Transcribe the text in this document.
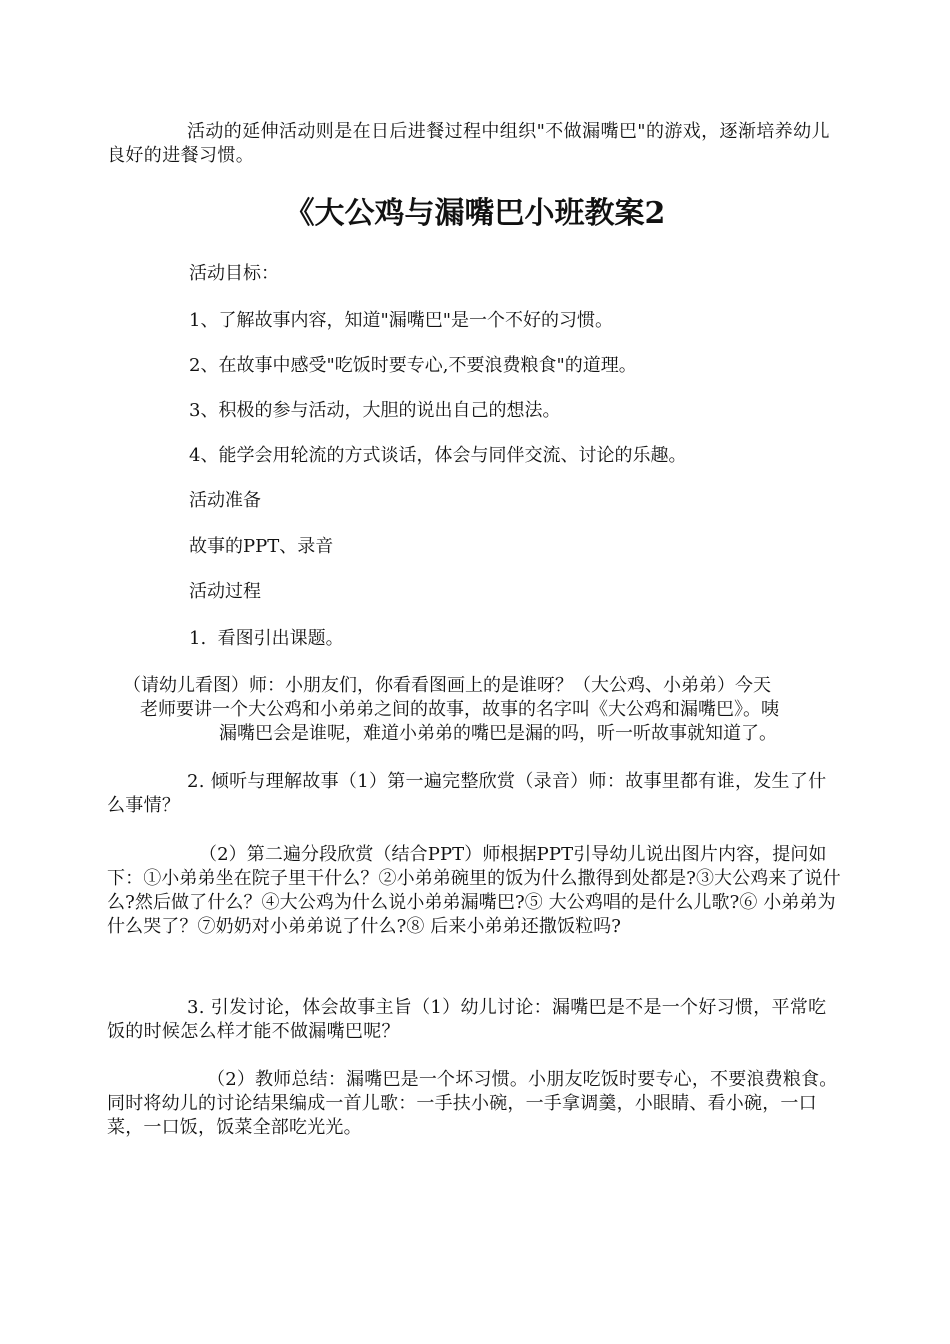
活动的延伸活动则是在日后进餐过程中组织"不做漏嘴巴"的游戏，逐渐培养幼儿良好的进餐习惯。

《大公鸡与漏嘴巴小班教案2

活动目标：

1、了解故事内容，知道"漏嘴巴"是一个不好的习惯。

2、在故事中感受"吃饭时要专心,不要浪费粮食"的道理。

3、积极的参与活动，大胆的说出自己的想法。

4、能学会用轮流的方式谈话，体会与同伴交流、讨论的乐趣。

活动准备

故事的PPT、录音

活动过程

1.  看图引出课题。

（请幼儿看图）师：小朋友们，你看看图画上的是谁呀？（大公鸡、小弟弟）今天

老师要讲一个大公鸡和小弟弟之间的故事，故事的名字叫《大公鸡和漏嘴巴》。咦

漏嘴巴会是谁呢，难道小弟弟的嘴巴是漏的吗，听一听故事就知道了。

2. 倾听与理解故事（1）第一遍完整欣赏（录音）师：故事里都有谁，发生了什么事情？

（2）第二遍分段欣赏（结合PPT）师根据PPT引导幼儿说出图片内容，提问如下：①小弟弟坐在院子里干什么？②小弟弟碗里的饭为什么撒得到处都是?③大公鸡来了说什么?然后做了什么？④大公鸡为什么说小弟弟漏嘴巴?⑤ 大公鸡唱的是什么儿歌?⑥ 小弟弟为什么哭了？⑦奶奶对小弟弟说了什么?⑧ 后来小弟弟还撒饭粒吗?

3. 引发讨论，体会故事主旨（1）幼儿讨论：漏嘴巴是不是一个好习惯，平常吃饭的时候怎么样才能不做漏嘴巴呢？

（2）教师总结：漏嘴巴是一个坏习惯。小朋友吃饭时要专心，不要浪费粮食。同时将幼儿的讨论结果编成一首儿歌：一手扶小碗，一手拿调羹，小眼睛、看小碗，一口菜，一口饭，饭菜全部吃光光。
